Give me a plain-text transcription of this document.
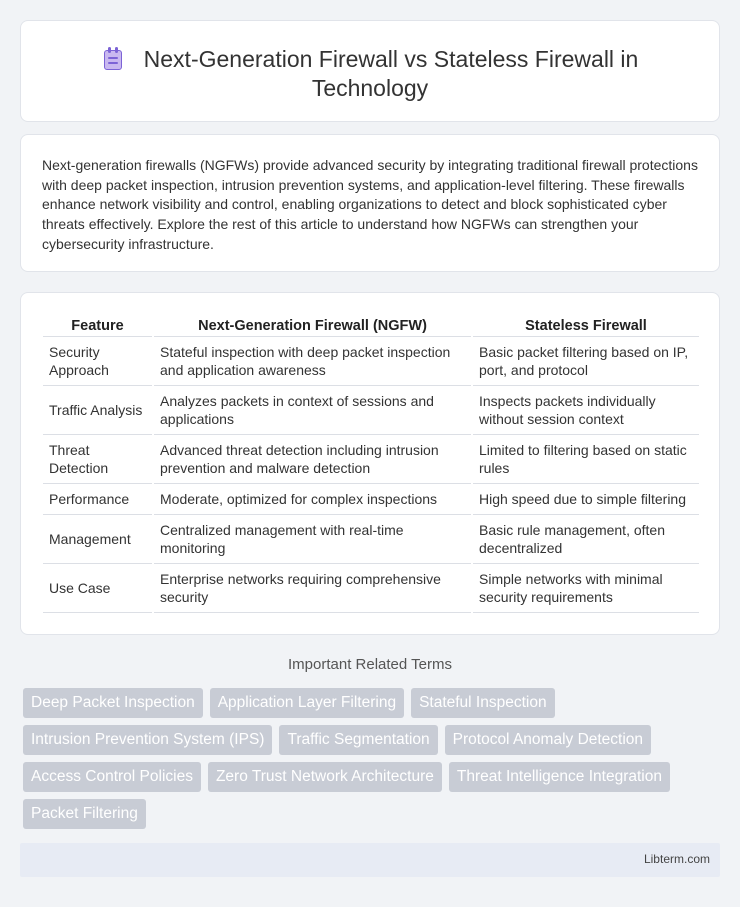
Next-Generation Firewall vs Stateless Firewall in
Technology

Next-generation firewalls (NGFWs) provide advanced security by integrating traditional firewall protections with deep packet inspection, intrusion prevention systems, and application-level filtering. These firewalls enhance network visibility and control, enabling organizations to detect and block sophisticated cyber threats effectively. Explore the rest of this article to understand how NGFWs can strengthen your cybersecurity infrastructure.

Feature	Next-Generation Firewall (NGFW)	Stateless Firewall
Security Approach	Stateful inspection with deep packet inspection and application awareness	Basic packet filtering based on IP, port, and protocol
Traffic Analysis	Analyzes packets in context of sessions and applications	Inspects packets individually without session context
Threat Detection	Advanced threat detection including intrusion prevention and malware detection	Limited to filtering based on static rules
Performance	Moderate, optimized for complex inspections	High speed due to simple filtering
Management	Centralized management with real-time monitoring	Basic rule management, often decentralized
Use Case	Enterprise networks requiring comprehensive security	Simple networks with minimal security requirements
Important Related Terms
Deep Packet Inspection	Application Layer Filtering	Stateful Inspection
Intrusion Prevention System (IPS)	Traffic Segmentation	Protocol Anomaly Detection
Access Control Policies	Zero Trust Network Architecture	Threat Intelligence Integration
Packet Filtering
Libterm.com
